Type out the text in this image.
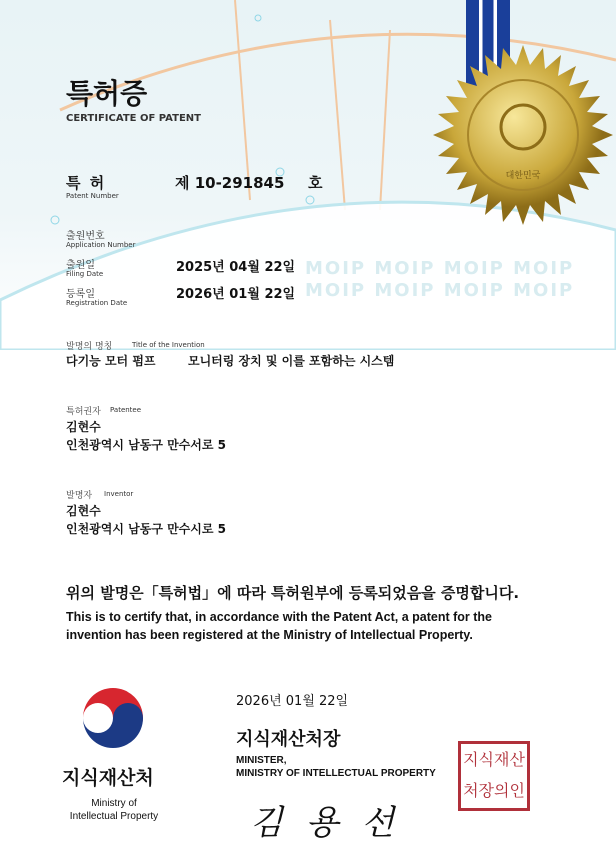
MOIP MOIP MOIP MOIP
MOIP MOIP MOIP MOIP
대한민국
특허증
CERTIFICATE OF PATENT
특 허
Patent Number
제 10-291845 호
출원번호
Application Number
출원일
Filing Date	2025년 04월 22일
등록일
Registration Date
2026년 01월 22일
발명의 명칭	Title of the Invention
다기능 모터 펌프	모니터링 장치 및 이를 포함하는 시스템
특허권자 Patentee
김현수
인천광역시 남동구 만수서로 5
발명자 Inventor
김현수
인천광역시 남동구 만수시로 5
위의 발명은「특허법」에 따라 특허원부에 등록되었음을 증명합니다.
This is to certify that, in accordance with the Patent Act, a patent for the
invention has been registered at the Ministry of Intellectual Property.
지식재산처
Ministry of
Intellectual Property
2026년 01월 22일
지식재산처장
MINISTER,
MINISTRY OF INTELLECTUAL PROPERTY
김 용 선
지식재산
처장의인
